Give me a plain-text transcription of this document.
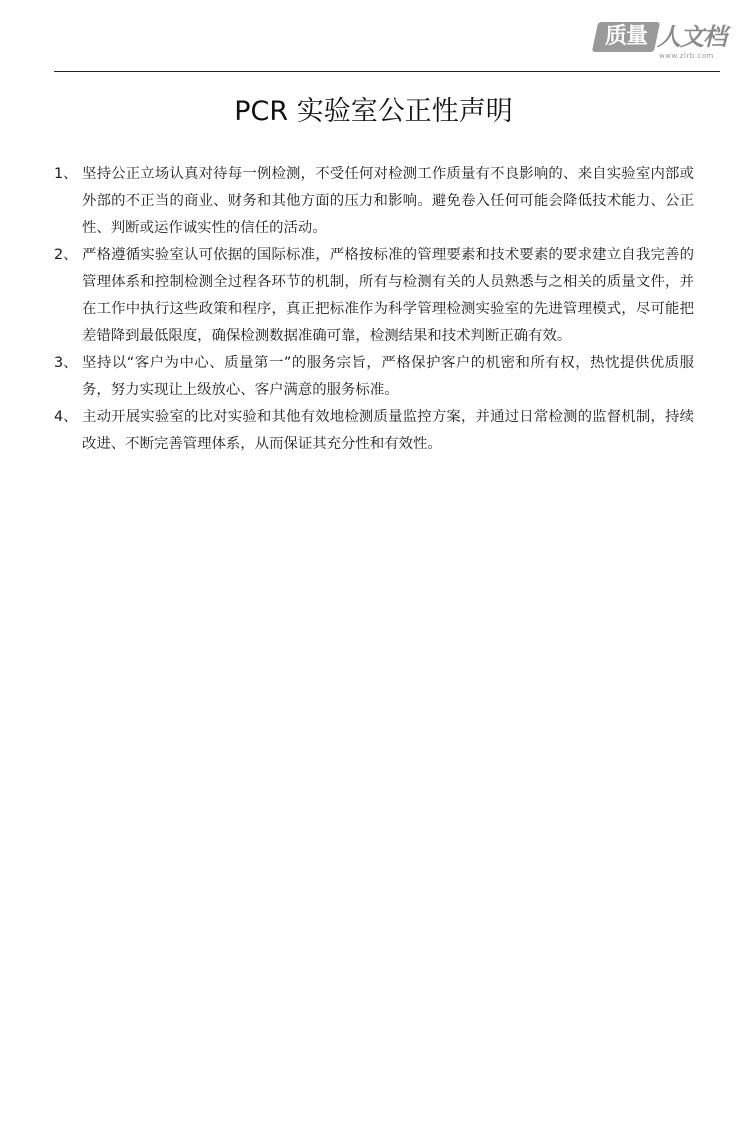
质量 人文档
www.zlrb.com
PCR 实验室公正性声明
1、 坚持公正立场认真对待每一例检测，不受任何对检测工作质量有不良影响的、来自实验室内部或外部的不正当的商业、财务和其他方面的压力和影响。避免卷入任何可能会降低技术能力、公正性、判断或运作诚实性的信任的活动。
2、 严格遵循实验室认可依据的国际标准，严格按标准的管理要素和技术要素的要求建立自我完善的管理体系和控制检测全过程各环节的机制，所有与检测有关的人员熟悉与之相关的质量文件，并在工作中执行这些政策和程序，真正把标准作为科学管理检测实验室的先进管理模式，尽可能把差错降到最低限度，确保检测数据准确可靠，检测结果和技术判断正确有效。
3、 坚持以“客户为中心、质量第一”的服务宗旨，严格保护客户的机密和所有权，热忱提供优质服务，努力实现让上级放心、客户满意的服务标准。
4、 主动开展实验室的比对实验和其他有效地检测质量监控方案，并通过日常检测的监督机制，持续改进、不断完善管理体系，从而保证其充分性和有效性。
